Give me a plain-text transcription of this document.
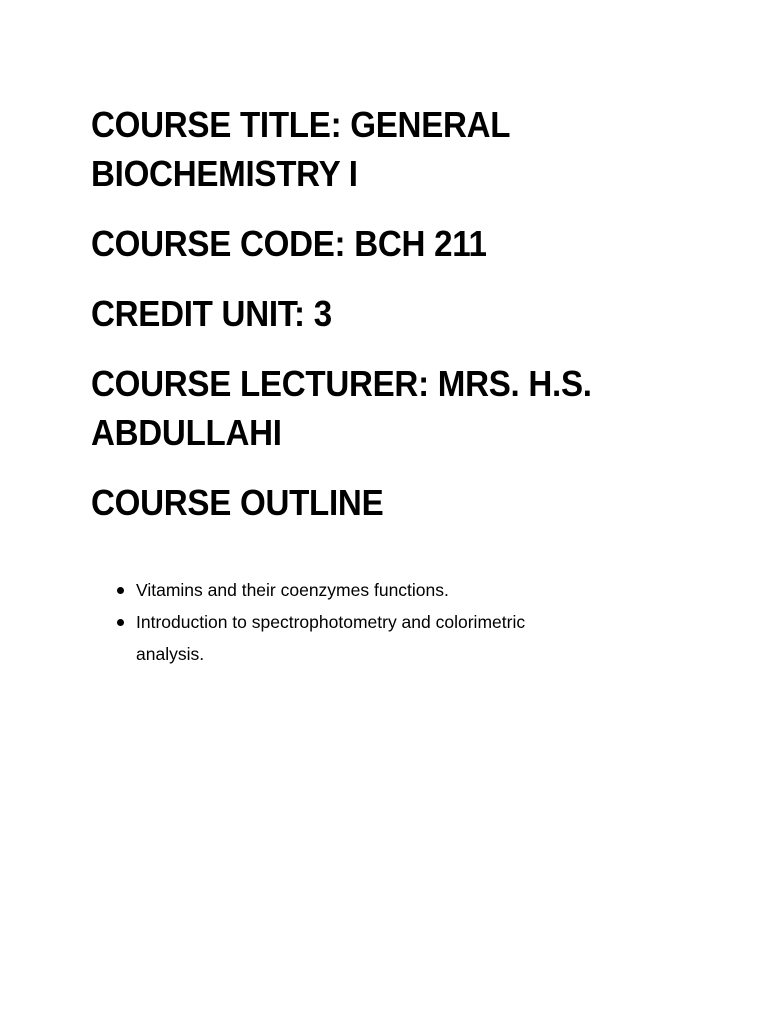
COURSE TITLE: GENERAL
BIOCHEMISTRY I
COURSE CODE: BCH 211
CREDIT UNIT: 3
COURSE LECTURER: MRS. H.S.
ABDULLAHI
COURSE OUTLINE
Vitamins and their coenzymes functions.
Introduction to spectrophotometry and colorimetric
analysis.
